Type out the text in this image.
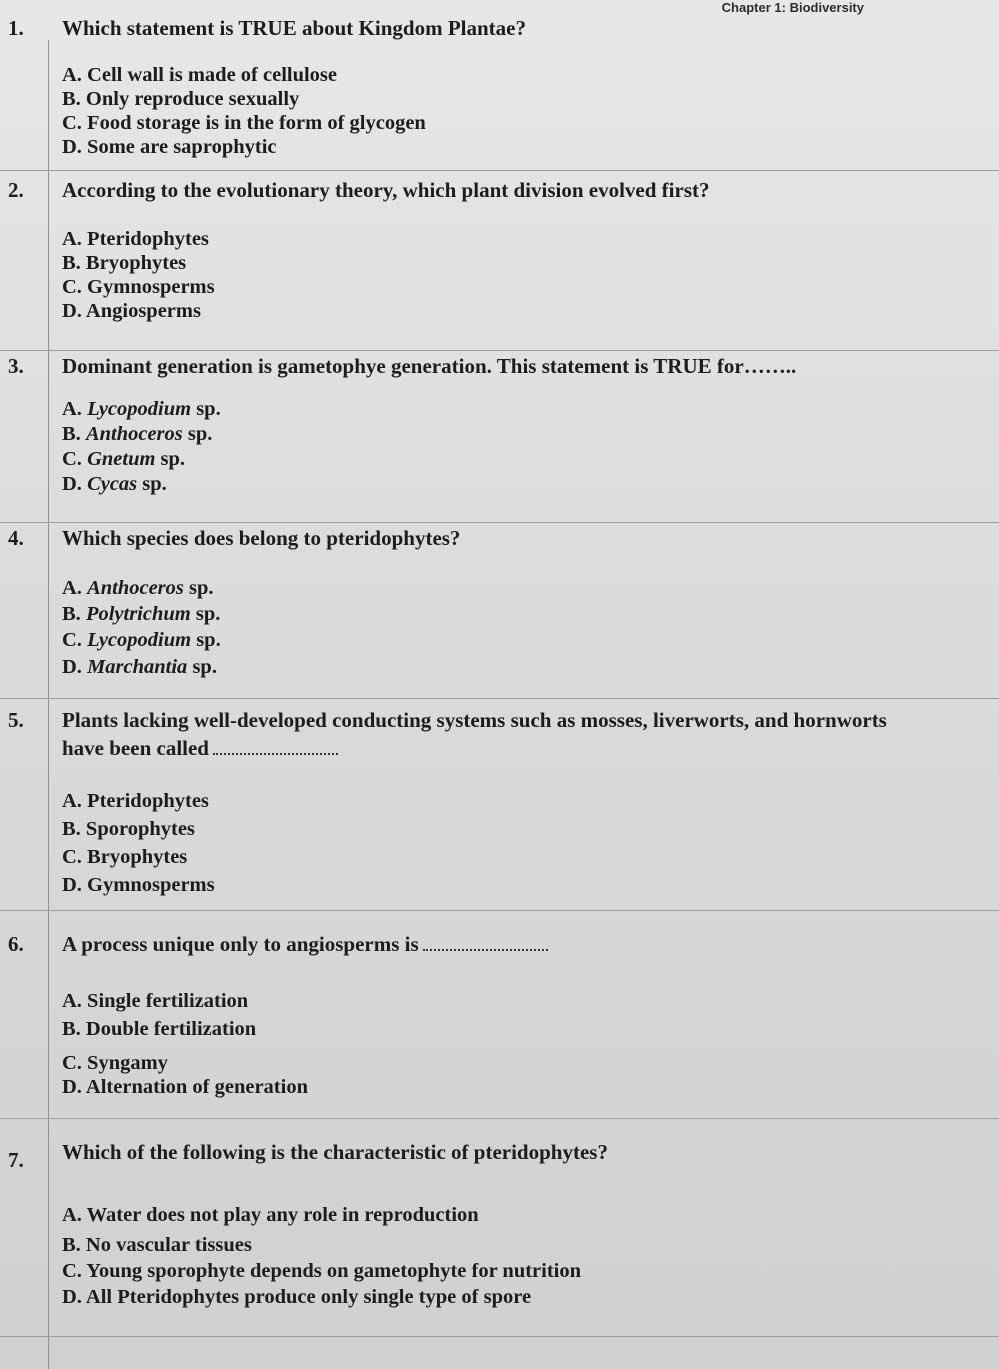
Chapter 1: Biodiversity
1. Which statement is TRUE about Kingdom Plantae?
A. Cell wall is made of cellulose
B. Only reproduce sexually
C. Food storage is in the form of glycogen
D. Some are saprophytic
2. According to the evolutionary theory, which plant division evolved first?
A. Pteridophytes
B. Bryophytes
C. Gymnosperms
D. Angiosperms
3. Dominant generation is gametophye generation. This statement is TRUE for……..
A. Lycopodium sp.
B. Anthoceros sp.
C. Gnetum sp.
D. Cycas sp.
4. Which species does belong to pteridophytes?
A. Anthoceros sp.
B. Polytrichum sp.
C. Lycopodium sp.
D. Marchantia sp.
5. Plants lacking well-developed conducting systems such as mosses, liverworts, and hornworts
have been called
A. Pteridophytes
B. Sporophytes
C. Bryophytes
D. Gymnosperms
6. A process unique only to angiosperms is
A. Single fertilization
B. Double fertilization
C. Syngamy
D. Alternation of generation
7. Which of the following is the characteristic of pteridophytes?
A. Water does not play any role in reproduction
B. No vascular tissues
C. Young sporophyte depends on gametophyte for nutrition
D. All Pteridophytes produce only single type of spore
